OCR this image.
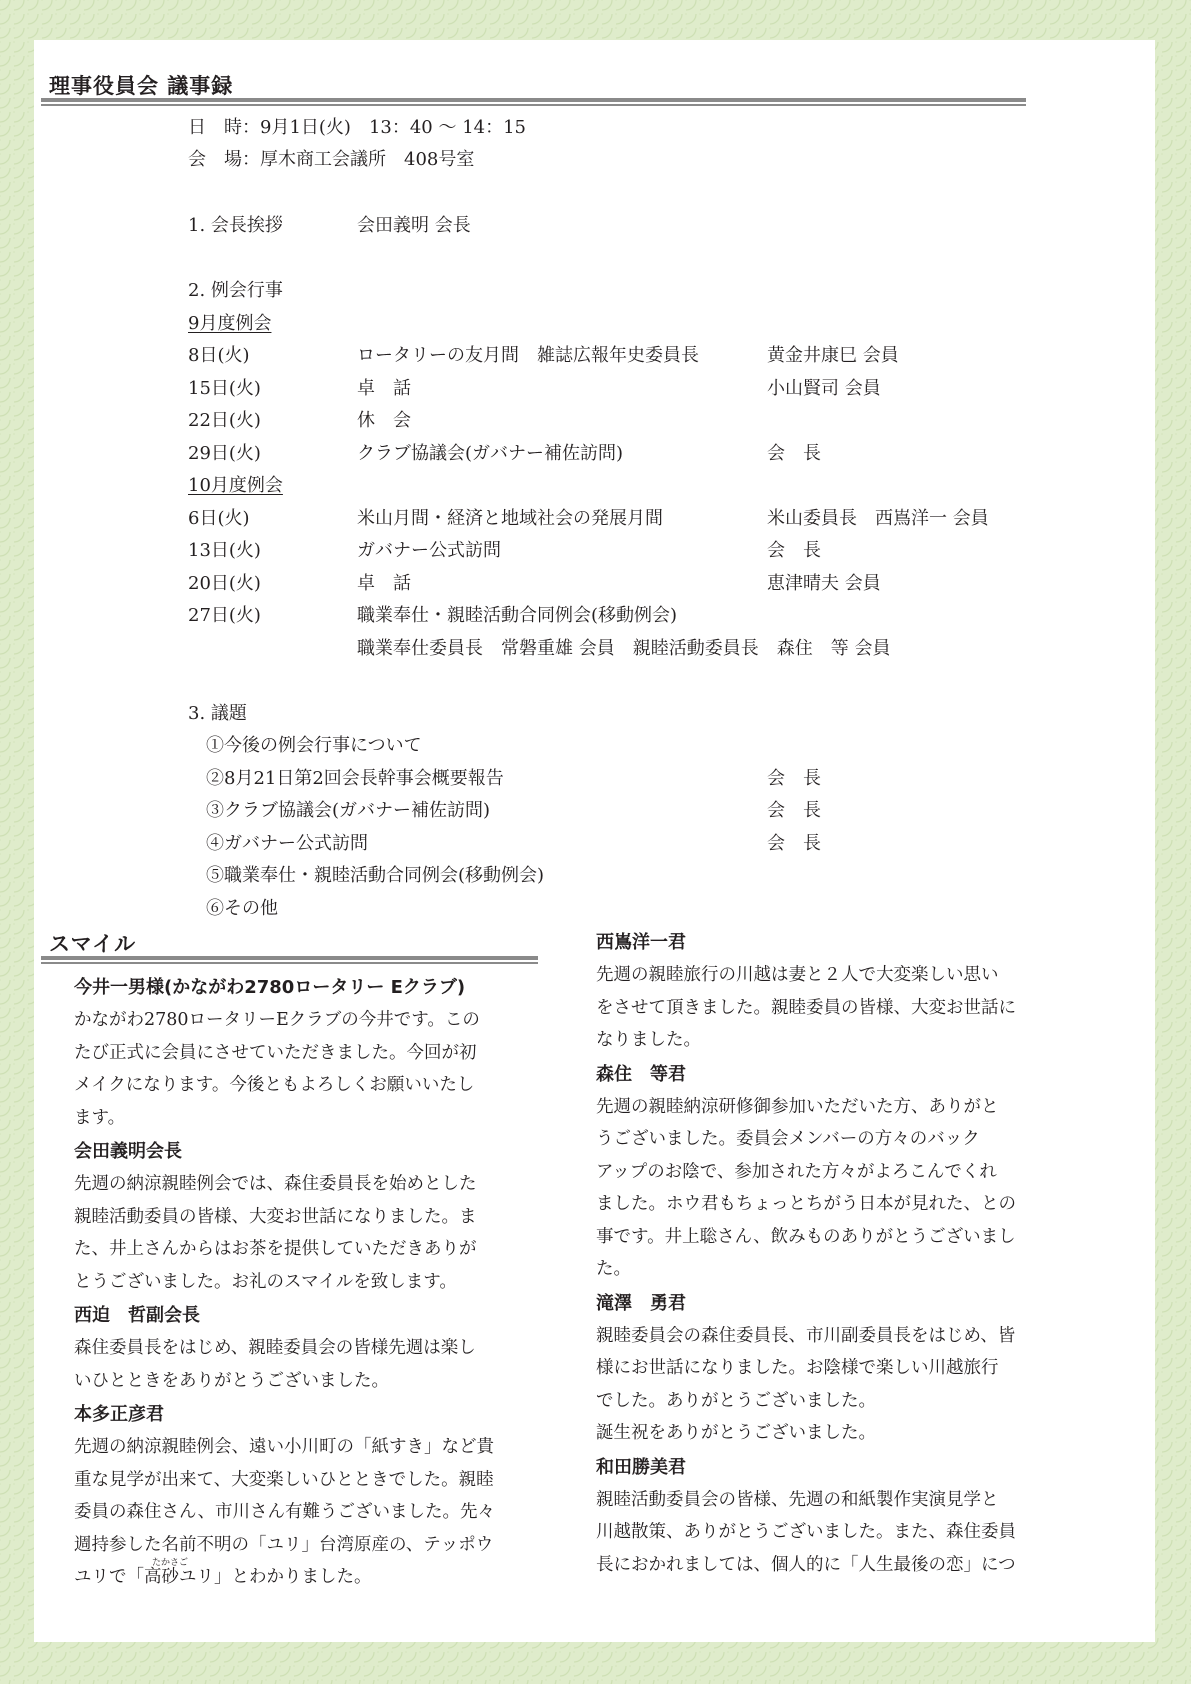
理事役員会 議事録
日　時：9月1日(火)　13：40 ～ 14：15
会　場：厚木商工会議所　408号室
1. 会長挨拶	会田義明 会長
2. 例会行事
9月度例会
8日(火)	ロータリーの友月間　雑誌広報年史委員長	黄金井康巳 会員
15日(火)	卓　話	小山賢司 会員
22日(火)	休　会
29日(火)	クラブ協議会(ガバナー補佐訪問)	会　長
10月度例会
6日(火)	米山月間・経済と地域社会の発展月間	米山委員長　西嶌洋一 会員
13日(火)	ガバナー公式訪問	会　長
20日(火)	卓　話	恵津晴夫 会員
27日(火)	職業奉仕・親睦活動合同例会(移動例会)
職業奉仕委員長　常磐重雄 会員　親睦活動委員長　森住　等 会員
3. 議題
①今後の例会行事について
②8月21日第2回会長幹事会概要報告	会　長
③クラブ協議会(ガバナー補佐訪問)	会　長
④ガバナー公式訪問	会　長
⑤職業奉仕・親睦活動合同例会(移動例会)
⑥その他
スマイル
今井一男様(かながわ2780ロータリー Eクラブ)

かながわ2780ロータリーEクラブの今井です。この

たび正式に会員にさせていただきました。今回が初

メイクになります。今後ともよろしくお願いいたし

ます。

会田義明会長

先週の納涼親睦例会では、森住委員長を始めとした

親睦活動委員の皆様、大変お世話になりました。ま

た、井上さんからはお茶を提供していただきありが

とうございました。お礼のスマイルを致します。

西迫　哲副会長

森住委員長をはじめ、親睦委員会の皆様先週は楽し

いひとときをありがとうございました。

本多正彦君

先週の納涼親睦例会、遠い小川町の「紙すき」など貴

重な見学が出来て、大変楽しいひとときでした。親睦

委員の森住さん、市川さん有難うございました。先々

週持参した名前不明の「ユリ」台湾原産の、テッポウ

ユリで「高砂ユリ」とわかりました。

たかさご
西嶌洋一君

先週の親睦旅行の川越は妻と２人で大変楽しい思い

をさせて頂きました。親睦委員の皆様、大変お世話に

なりました。

森住　等君

先週の親睦納涼研修御参加いただいた方、ありがと

うございました。委員会メンバーの方々のバック

アップのお陰で、参加された方々がよろこんでくれ

ました。ホウ君もちょっとちがう日本が見れた、との

事です。井上聡さん、飲みものありがとうございまし

た。

滝澤　勇君

親睦委員会の森住委員長、市川副委員長をはじめ、皆

様にお世話になりました。お陰様で楽しい川越旅行

でした。ありがとうございました。

誕生祝をありがとうございました。

和田勝美君

親睦活動委員会の皆様、先週の和紙製作実演見学と

川越散策、ありがとうございました。また、森住委員

長におかれましては、個人的に「人生最後の恋」につ
